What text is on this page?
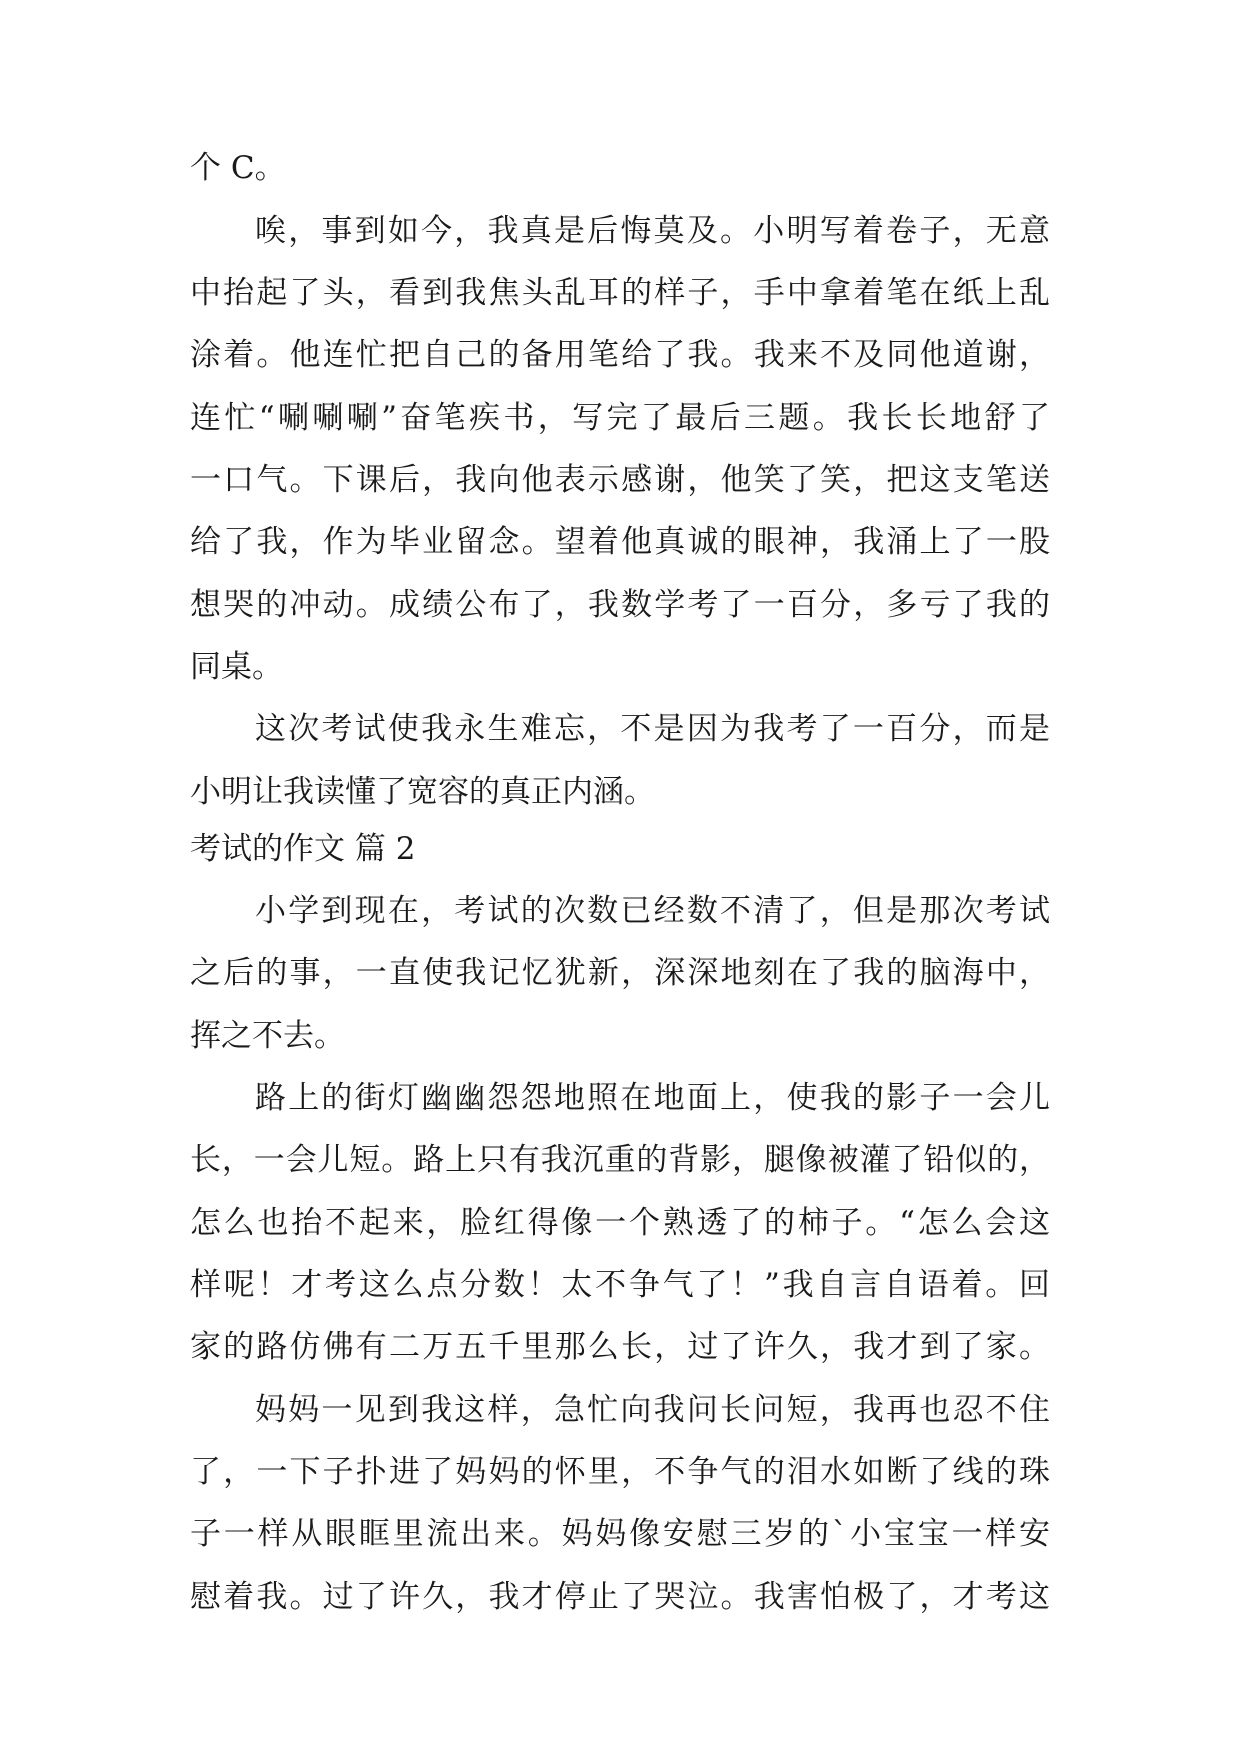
个 C。
唉，事到如今，我真是后悔莫及。小明写着卷子，无意
中抬起了头，看到我焦头乱耳的样子，手中拿着笔在纸上乱
涂着。他连忙把自己的备用笔给了我。我来不及同他道谢，
连忙“唰唰唰”奋笔疾书，写完了最后三题。我长长地舒了
一口气。下课后，我向他表示感谢，他笑了笑，把这支笔送
给了我，作为毕业留念。望着他真诚的眼神，我涌上了一股
想哭的冲动。成绩公布了，我数学考了一百分，多亏了我的
同桌。
这次考试使我永生难忘，不是因为我考了一百分，而是
小明让我读懂了宽容的真正内涵。
考试的作文 篇 2
小学到现在，考试的次数已经数不清了，但是那次考试
之后的事，一直使我记忆犹新，深深地刻在了我的脑海中，
挥之不去。
路上的街灯幽幽怨怨地照在地面上，使我的影子一会儿
长，一会儿短。路上只有我沉重的背影，腿像被灌了铅似的，
怎么也抬不起来，脸红得像一个熟透了的柿子。“怎么会这
样呢！才考这么点分数！太不争气了！”我自言自语着。回
家的路仿佛有二万五千里那么长，过了许久，我才到了家。
妈妈一见到我这样，急忙向我问长问短，我再也忍不住
了，一下子扑进了妈妈的怀里，不争气的泪水如断了线的珠
子一样从眼眶里流出来。妈妈像安慰三岁的`小宝宝一样安
慰着我。过了许久，我才停止了哭泣。我害怕极了，才考这
